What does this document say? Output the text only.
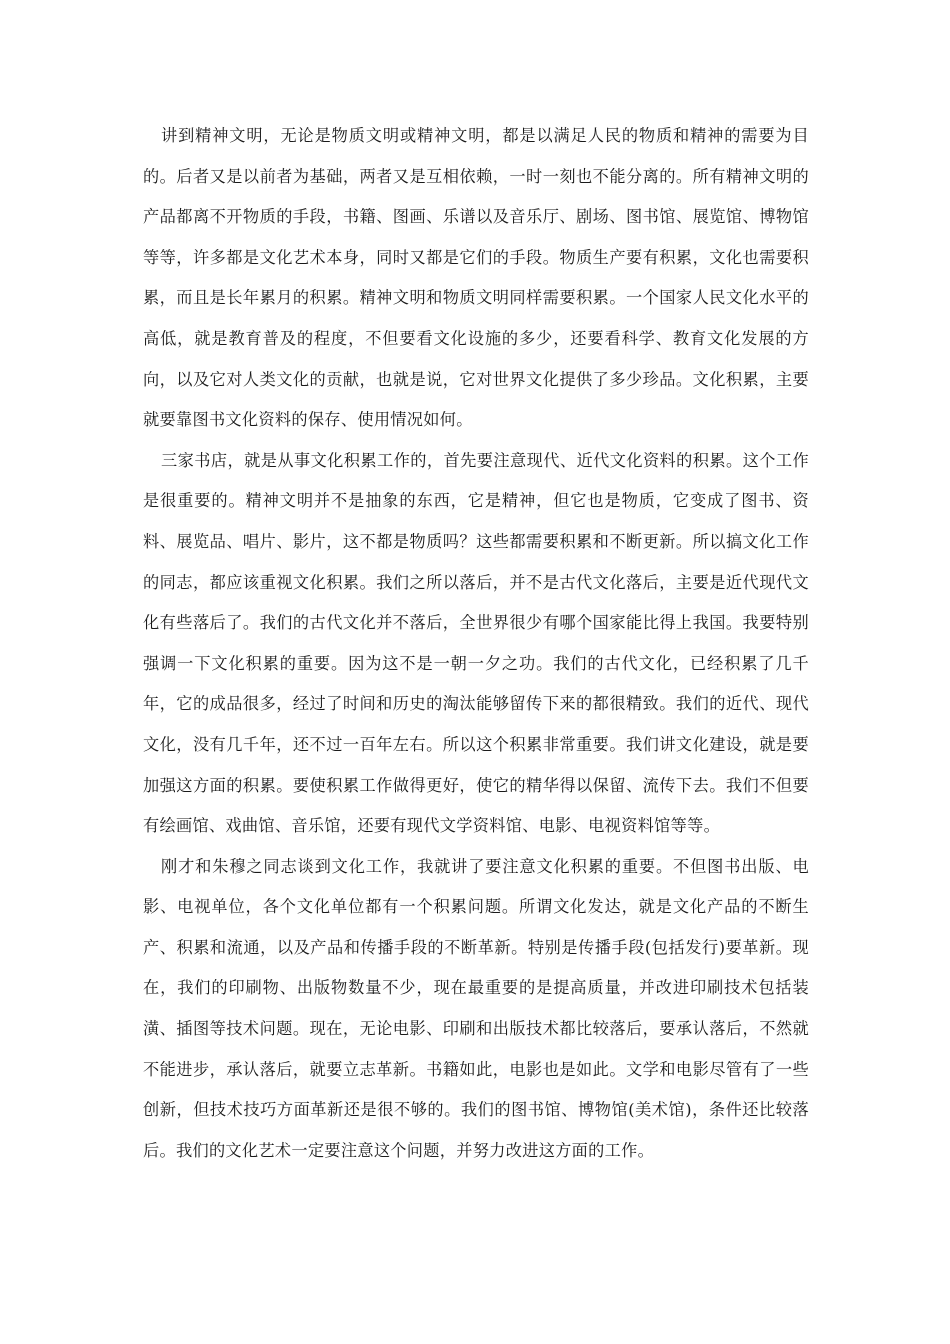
讲到精神文明，无论是物质文明或精神文明，都是以满足人民的物质和精神的需要为目的。后者又是以前者为基础，两者又是互相依赖，一时一刻也不能分离的。所有精神文明的产品都离不开物质的手段，书籍、图画、乐谱以及音乐厅、剧场、图书馆、展览馆、博物馆等等，许多都是文化艺术本身，同时又都是它们的手段。物质生产要有积累，文化也需要积累，而且是长年累月的积累。精神文明和物质文明同样需要积累。一个国家人民文化水平的高低，就是教育普及的程度，不但要看文化设施的多少，还要看科学、教育文化发展的方向，以及它对人类文化的贡献，也就是说，它对世界文化提供了多少珍品。文化积累，主要就要靠图书文化资料的保存、使用情况如何。

三家书店，就是从事文化积累工作的，首先要注意现代、近代文化资料的积累。这个工作是很重要的。精神文明并不是抽象的东西，它是精神，但它也是物质，它变成了图书、资料、展览品、唱片、影片，这不都是物质吗？这些都需要积累和不断更新。所以搞文化工作的同志，都应该重视文化积累。我们之所以落后，并不是古代文化落后，主要是近代现代文化有些落后了。我们的古代文化并不落后，全世界很少有哪个国家能比得上我国。我要特别强调一下文化积累的重要。因为这不是一朝一夕之功。我们的古代文化，已经积累了几千年，它的成品很多，经过了时间和历史的淘汰能够留传下来的都很精致。我们的近代、现代文化，没有几千年，还不过一百年左右。所以这个积累非常重要。我们讲文化建设，就是要加强这方面的积累。要使积累工作做得更好，使它的精华得以保留、流传下去。我们不但要有绘画馆、戏曲馆、音乐馆，还要有现代文学资料馆、电影、电视资料馆等等。

刚才和朱穆之同志谈到文化工作，我就讲了要注意文化积累的重要。不但图书出版、电影、电视单位，各个文化单位都有一个积累问题。所谓文化发达，就是文化产品的不断生产、积累和流通，以及产品和传播手段的不断革新。特别是传播手段(包括发行)要革新。现在，我们的印刷物、出版物数量不少，现在最重要的是提高质量，并改进印刷技术包括装潢、插图等技术问题。现在，无论电影、印刷和出版技术都比较落后，要承认落后，不然就不能进步，承认落后，就要立志革新。书籍如此，电影也是如此。文学和电影尽管有了一些创新，但技术技巧方面革新还是很不够的。我们的图书馆、博物馆(美术馆)，条件还比较落后。我们的文化艺术一定要注意这个问题，并努力改进这方面的工作。
